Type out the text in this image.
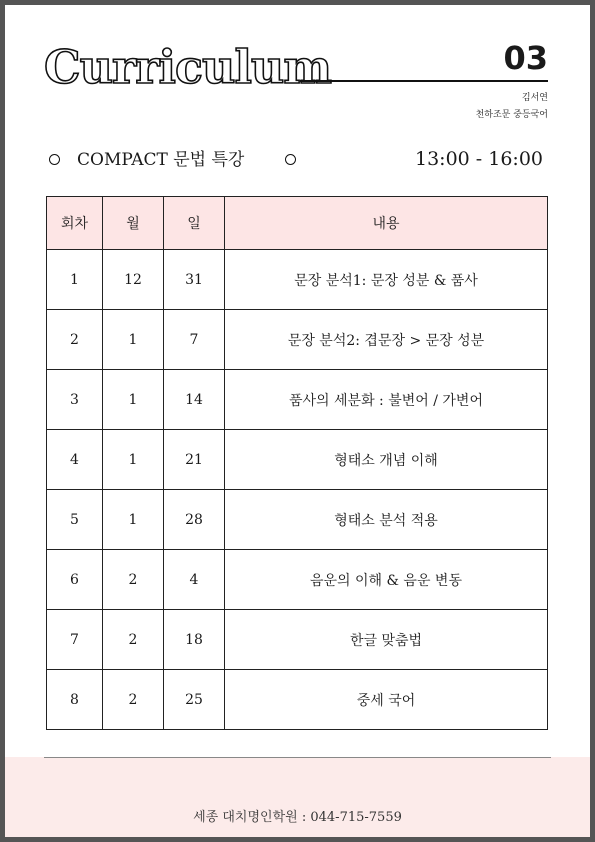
Curriculum	03
김서연
천하조문 중등국어
COMPACT 문법 특강	13:00 - 16:00
회차	월	일	내용
1	12	31	문장 분석1: 문장 성분 & 품사
2	1	7	문장 분석2: 겹문장 > 문장 성분
3	1	14	품사의 세분화 : 불변어 / 가변어
4	1	21	형태소 개념 이해
5	1	28	형태소 분석 적용
6	2	4	음운의 이해 & 음운 변동
7	2	18	한글 맞춤법
8	2	25	중세 국어
세종 대치명인학원 : 044-715-7559
